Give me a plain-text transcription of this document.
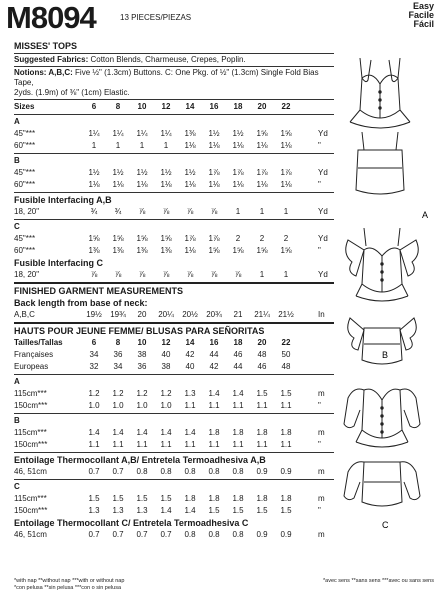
M8094	13 PIECES/PIEZAS
Easy
Facile
Fácil
MISSES' TOPS
Suggested Fabrics: Cotton Blends, Charmeuse, Crepes, Poplin.
Notions: A,B,C: Five ½" (1.3cm) Buttons. C: One Pkg. of ½" (1.3cm) Single Fold Bias Tape,
2yds. (1.9m) of ⅜" (1cm) Elastic.
Sizes	6	8	10	12	14	16	18	20	22
A
45"***	1¼	1¼	1¼	1¼	1⅜	1½	1½	1⅝	1⅝	Yd
60"***	1	1	1	1	1⅛	1⅛	1⅛	1⅛	1⅛	"
B
45"***	1½	1½	1½	1½	1½	1⅞	1⅞	1⅞	1⅞	Yd
60"***	1⅛	1⅛	1⅛	1⅛	1⅛	1⅛	1⅛	1⅛	1⅛	"
Fusible Interfacing A,B
18, 20"	¾	¾	⅞	⅞	⅞	⅞	1	1	1	Yd
C
45"***	1⅝	1⅝	1⅝	1⅝	1⅞	1⅞	2	2	2	Yd
60"***	1⅜	1⅜	1⅜	1⅜	1⅛	1⅝	1⅝	1⅝	1⅝	"
Fusible Interfacing C
18, 20"	⅞	⅞	⅞	⅞	⅞	⅞	⅞	1	1	Yd
FINISHED GARMENT MEASUREMENTS
Back length from base of neck:
A,B,C	19½	19¾	20	20¼	20½	20¾	21	21¼	21½	In
HAUTS POUR JEUNE FEMME/ BLUSAS PARA SEÑORITAS
Tailles/Tallas	6	8	10	12	14	16	18	20	22
Françaises	34	36	38	40	42	44	46	48	50
Europeas	32	34	36	38	40	42	44	46	48
A
115cm***	1.2	1.2	1.2	1.2	1.3	1.4	1.4	1.5	1.5	m
150cm***	1.0	1.0	1.0	1.0	1.1	1.1	1.1	1.1	1.1	"
B
115cm***	1.4	1.4	1.4	1.4	1.4	1.8	1.8	1.8	1.8	m
150cm***	1.1	1.1	1.1	1.1	1.1	1.1	1.1	1.1	1.1	"
Entoilage Thermocollant A,B/ Entretela Termoadhesiva A,B
46, 51cm	0.7	0.7	0.8	0.8	0.8	0.8	0.8	0.9	0.9	m
C
115cm***	1.5	1.5	1.5	1.5	1.8	1.8	1.8	1.8	1.8	m
150cm***	1.3	1.3	1.3	1.4	1.4	1.5	1.5	1.5	1.5	"
Entoilage Thermocollant C/ Entretela Termoadhesiva C
46, 51cm	0.7	0.7	0.7	0.7	0.8	0.8	0.8	0.9	0.9	m
A
B
C
*with nap **without nap ***with or without nap
*con pelusa **sin pelusa ***con o sin pelusa
*avec sens **sans sens ***avec ou sans sens
